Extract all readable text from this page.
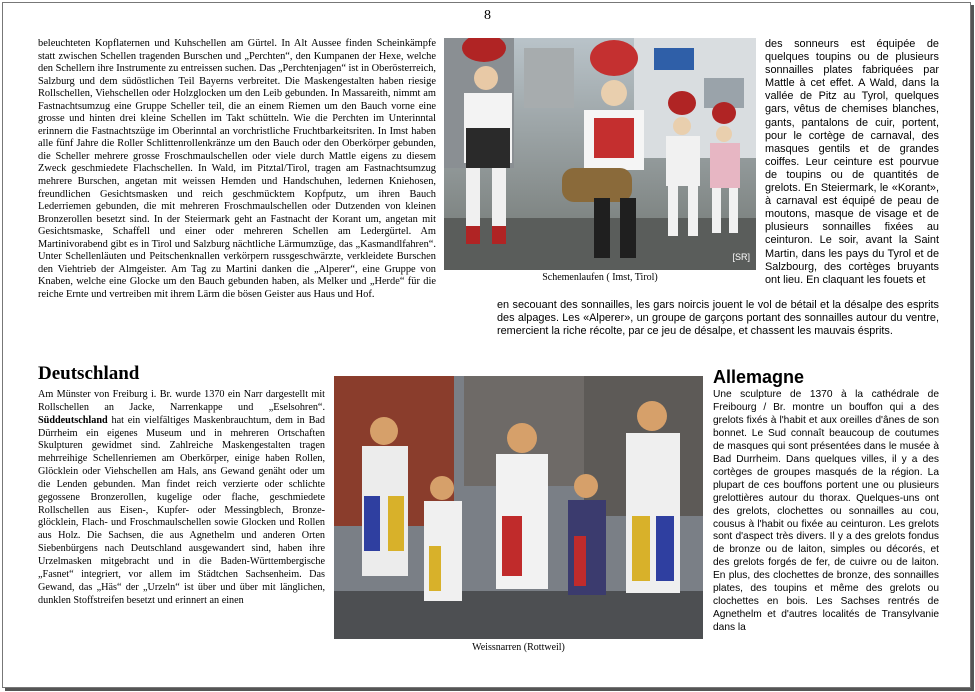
8

beleuchteten Kopflaternen und Kuhschellen am Gürtel. In Alt Aussee finden Scheinkämpfe statt zwischen Schellen tragenden Burschen und „Perchten“, den Kumpanen der Hexe, welche den Schellern ihre Instrumente zu entreissen suchen. Das „Perchtenjagen“ ist in Oberösterreich, Salzburg und dem südöstlichen Teil Bayerns verbreitet. Die Maskengestalten haben riesige Rollschellen, Viehschellen oder Holzglocken um den Leib gebunden. In Massareith, nimmt am Fastnachtsumzug eine Gruppe Scheller teil, die an einem Riemen um den Bauch vorne eine grosse und hinten drei kleine Schellen im Takt schütteln. Wie die Perchten im Unterinntal erinnern die Fastnachtszüge im Oberinntal an vorchristliche Fruchtbarkeitsriten. In Imst haben alle fünf Jahre die Roller Schlittenrollenkränze um den Bauch oder den Oberkörper gebunden, die Scheller mehrere grosse Froschmaulschellen oder viele durch Mattle eigens zu diesem Zweck geschmiedete Flachschellen. In Wald, im Pitztal/Tirol, tragen am Fastnachtsumzug mehrere Burschen, angetan mit weissen Hemden und Handschuhen, ledernen Kniehosen, freundlichen Gesichtsmasken und reich geschmücktem Kopfputz, um ihren Bauch Lederriemen gebunden, die mit mehreren Froschmaulschellen oder Dutzenden von kleinen Bronzerollen besetzt sind. In der Steiermark geht an Fastnacht der Korant um, angetan mit Gesichtsmaske, Schaffell und einer oder mehreren Schellen am Ledergürtel. Am Martinivorabend gibt es in Tirol und Salzburg nächtliche Lärmumzüge, das „Kasmandlfahren“. Unter Schellenläuten und Peitschenknallen verkörpern russgeschwärzte, verkleidete Burschen den Viehtrieb der Almgeister. Am Tag zu Martini danken die „Alperer“, eine Gruppe von Knaben, welche eine Glocke um den Bauch gebunden haben, als Melker und „Herde“ für die reiche Ernte und vertreiben mit ihrem Lärm die bösen Geister aus Haus und Hof.

[SR]
Schemenlaufen ( Imst, Tirol)

des sonneurs est équipée de quelques toupins ou de plusieurs sonnailles plates fabriquées par Mattle à cet effet. A Wald, dans la vallée de Pitz au Tyrol, quelques gars, vêtus de chemises blanches, gants, pantalons de cuir, portent, pour le cortège de carnaval, des masques gentils et de grandes coiffes. Leur ceinture est pourvue de toupins ou de quantités de grelots. En Steiermark, le «Korant», à carnaval est équipé de peau de moutons, masque de visage et de plusieurs sonnailles fixées au ceinturon. Le soir, avant la Saint Martin, dans les pays du Tyrol et de Salzbourg, des cortèges bruyants ont lieu. En claquant les fouets et

en secouant des sonnailles, les gars noircis jouent le vol de bétail et la désalpe des esprits des alpages. Les «Alperer», un groupe de garçons portant des sonnailles autour du ventre, remercient la riche récolte, par ce jeu de désalpe, et chassent les mauvais ésprits.

Deutschland

Am Münster von Freiburg i. Br. wurde 1370 ein Narr dargestellt mit Rollschellen an Jacke, Narrenkappe und „Eselsohren“. Süddeutschland hat ein vielfältiges Maskenbrauchtum, dem in Bad Dürrheim ein eigenes Museum und in mehreren Ortschaften Skulpturen gewidmet sind. Zahlreiche Maskengestalten tragen mehrreihige Schellenriemen am Oberkörper, einige haben Rollen, Glöcklein oder Viehschellen am Hals, ans Gewand genäht oder um die Lenden gebunden. Man findet reich verzierte oder schlichte gegossene Bronzerollen, kugelige oder flache, geschmiedete Rollschellen aus Eisen-, Kupfer- oder Messingblech, Bronze-glöcklein, Flach- und Froschmaulschellen sowie Glocken und Rollen aus Holz. Die Sachsen, die aus Agnethelm und anderen Orten Siebenbürgens nach Deutschland ausgewandert sind, haben ihre Urzelmasken mitgebracht und in die Baden-Württembergische „Fasnet“ integriert, vor allem im Städtchen Sachsenheim. Das Gewand, das „Häs“ der „Urzeln“ ist über und über mit länglichen, dunklen Stoffstreifen besetzt und erinnert an einen

Weissnarren (Rottweil)
Allemagne

Une sculpture de 1370 à la cathédrale de Freibourg / Br. montre un bouffon qui a des grelots fixés à l'habit et aux oreilles d'ânes de son bonnet. Le Sud connaît beaucoup de coutumes de masques qui sont présentées dans le musée à Bad Durrheim. Dans quelques villes, il y a des cortèges de groupes masqués de la région. La plupart de ces bouffons portent une ou plusieurs grelottières autour du thorax. Quelques-uns ont des grelots, clochettes ou sonnailles au cou, cousus à l'habit ou fixée au ceinturon. Les grelots sont d'aspect très divers. Il y a des grelots fondus de bronze ou de laiton, simples ou décorés, et des grelots forgés de fer, de cuivre ou de laiton. En plus, des clochettes de bronze, des sonnailles plates, des toupins et même des grelots ou clochettes en bois. Les Sachses rentrés de Agnethelm et d'autres localités de Transylvanie dans la
